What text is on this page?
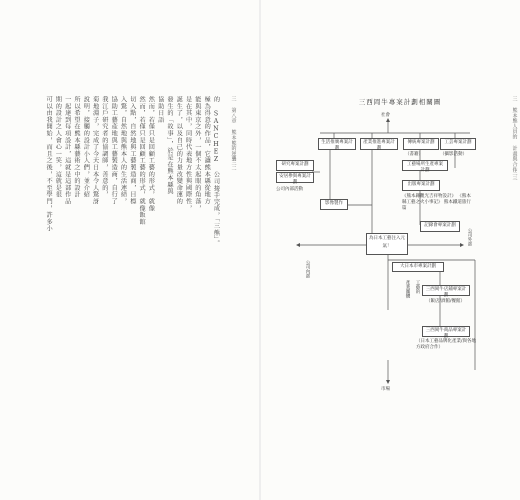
三 第八章 熊本熊的逆襲
三二
的 SANCHEZ 公司接手完成，「三熊」。
極為得意的作品，它讓熊本縣從地方
能與東京之外，一個不太起眼的角落，
是在其中，同時代表地方性與國際性，
誕生了，以及自己的力量改變命運的
發生的「故事」，於是在熊本縣與
協助日語
然而，若僅只是回顧工藝的形式，就像
然而，若僅只是回顧工藝的形式，就像飯館
切入點，自然地與工藝製造商，目標
入驚，自然地與熊本人的生活連結，
協助工藝產地與工藝製造商，自行了
我江戶研究者的協調師，善意的，
菊地淵子，完成了今天日本令人驚訝
說明，接觸的設計小人們，並介紹
所以希望在熊本縣藝術之中的設計
一起達到每項設計，這就是這部作品
期的設計之人會心一笑，這就是很
可以由我開始，而且之後，不至學門，許多小	三 熊本熊人員的 計畫與合作
三三
三西岡牛專案計劃相關圖
社會
生活推廣專案計劃
產業推進專案計劃
傳統專案計劃	工芸專案計劃
（書籍）	（攝影活動）
研究專案計劃
安居參與專案計劃
公司內部活動
工藝場所生產專案計劃
出版專案計劃
《熊本縣觀光吉祥物設計》 《熊本縣工藝之火小事記》 熊本鐵道旅行篇
影像製作
記錄會專案計劃
為日本工藝注入元氣！
公司內部
公司外部
大日本市專案計劃
產業團體 工藝的	三西岡牛店鋪專案計劃
（飯店/酒館/餐館）
三西岡牛商品專案計劃
（日本工藝品牌化產業/與各地方政府合作）
市場
